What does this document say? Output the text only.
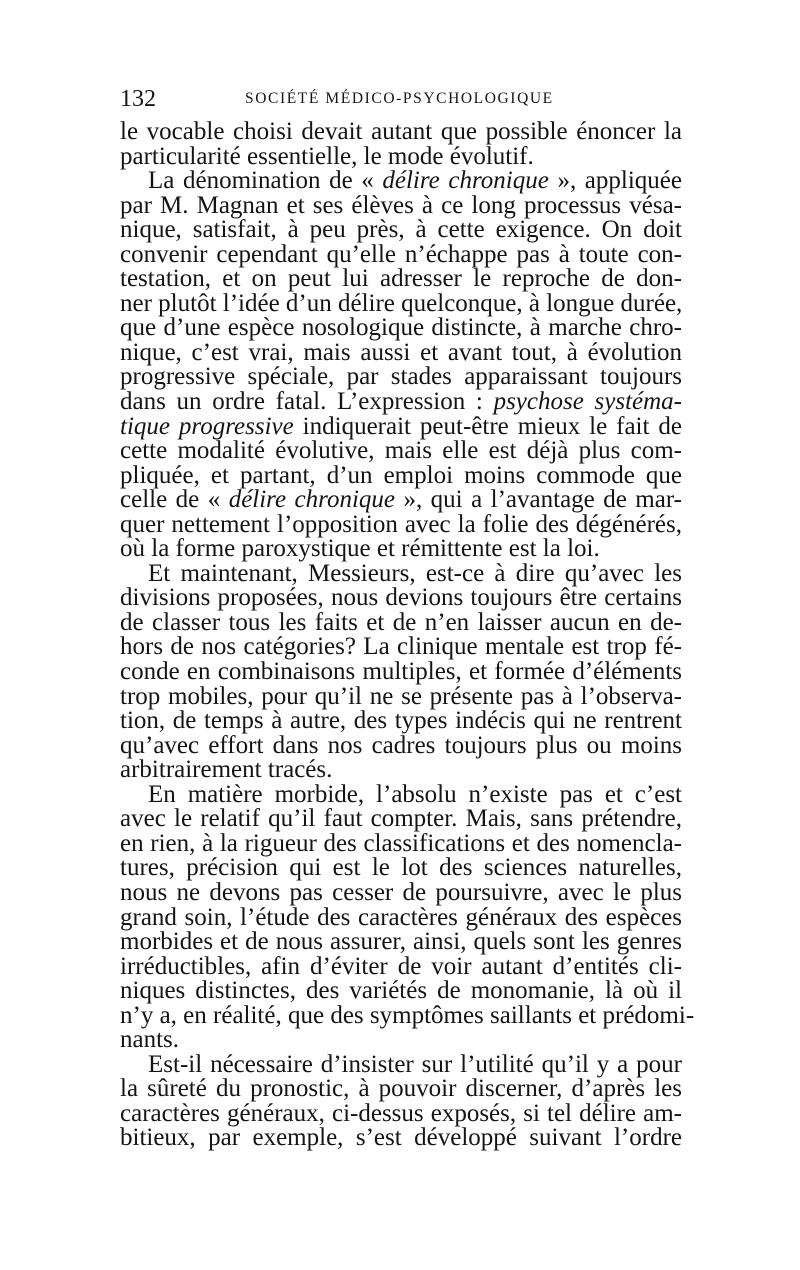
132	SOCIÉTÉ MÉDICO-PSYCHOLOGIQUE
le vocable choisi devait autant que possible énoncer la
particularité essentielle, le mode évolutif.
La dénomination de « délire chronique », appliquée
par M. Magnan et ses élèves à ce long processus vésa-
nique, satisfait, à peu près, à cette exigence. On doit
convenir cependant qu’elle n’échappe pas à toute con-
testation, et on peut lui adresser le reproche de don-
ner plutôt l’idée d’un délire quelconque, à longue durée,
que d’une espèce nosologique distincte, à marche chro-
nique, c’est vrai, mais aussi et avant tout, à évolution
progressive spéciale, par stades apparaissant toujours
dans un ordre fatal. L’expression : psychose systéma-
tique progressive indiquerait peut-être mieux le fait de
cette modalité évolutive, mais elle est déjà plus com-
pliquée, et partant, d’un emploi moins commode que
celle de « délire chronique », qui a l’avantage de mar-
quer nettement l’opposition avec la folie des dégénérés,
où la forme paroxystique et rémittente est la loi.
Et maintenant, Messieurs, est-ce à dire qu’avec les
divisions proposées, nous devions toujours être certains
de classer tous les faits et de n’en laisser aucun en de-
hors de nos catégories? La clinique mentale est trop fé-
conde en combinaisons multiples, et formée d’éléments
trop mobiles, pour qu’il ne se présente pas à l’observa-
tion, de temps à autre, des types indécis qui ne rentrent
qu’avec effort dans nos cadres toujours plus ou moins
arbitrairement tracés.
En matière morbide, l’absolu n’existe pas et c’est
avec le relatif qu’il faut compter. Mais, sans prétendre,
en rien, à la rigueur des classifications et des nomencla-
tures, précision qui est le lot des sciences naturelles,
nous ne devons pas cesser de poursuivre, avec le plus
grand soin, l’étude des caractères généraux des espèces
morbides et de nous assurer, ainsi, quels sont les genres
irréductibles, afin d’éviter de voir autant d’entités cli-
niques distinctes, des variétés de monomanie, là où il
n’y a, en réalité, que des symptômes saillants et prédomi-
nants.
Est-il nécessaire d’insister sur l’utilité qu’il y a pour
la sûreté du pronostic, à pouvoir discerner, d’après les
caractères généraux, ci-dessus exposés, si tel délire am-
bitieux, par exemple, s’est développé suivant l’ordre
